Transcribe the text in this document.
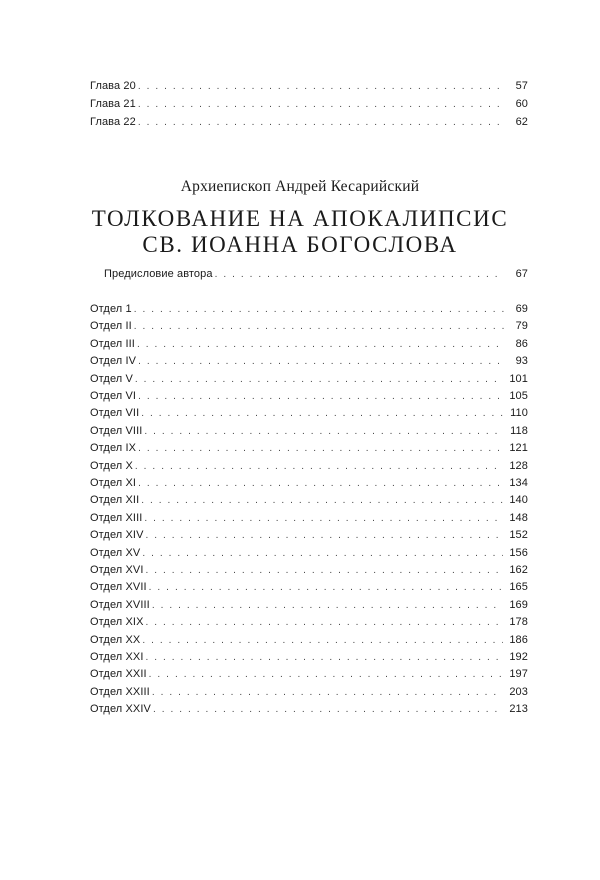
Глава 20 . . .	57
Глава 21 . . .	60
Глава 22 . . .	62
Архиепископ Андрей Кесарийский
ТОЛКОВАНИЕ НА АПОКАЛИПСИС
СВ. ИОАННА БОГОСЛОВА
Предисловие автора . . .	67
Отдел 1 . . .	69
Отдел II . . .	79
Отдел III . . .	86
Отдел IV . . .	93
Отдел V . . .	101
Отдел VI . . .	105
Отдел VII . . .	110
Отдел VIII . . .	118
Отдел IX . . .	121
Отдел X . . .	128
Отдел XI . . .	134
Отдел XII . . .	140
Отдел XIII . . .	148
Отдел XIV . . .	152
Отдел XV . . .	156
Отдел XVI . . .	162
Отдел XVII . . .	165
Отдел XVIII . . .	169
Отдел XIX . . .	178
Отдел XX . . .	186
Отдел XXI . . .	192
Отдел XXII . . .	197
Отдел XXIII . . .	203
Отдел XXIV . . .	213
